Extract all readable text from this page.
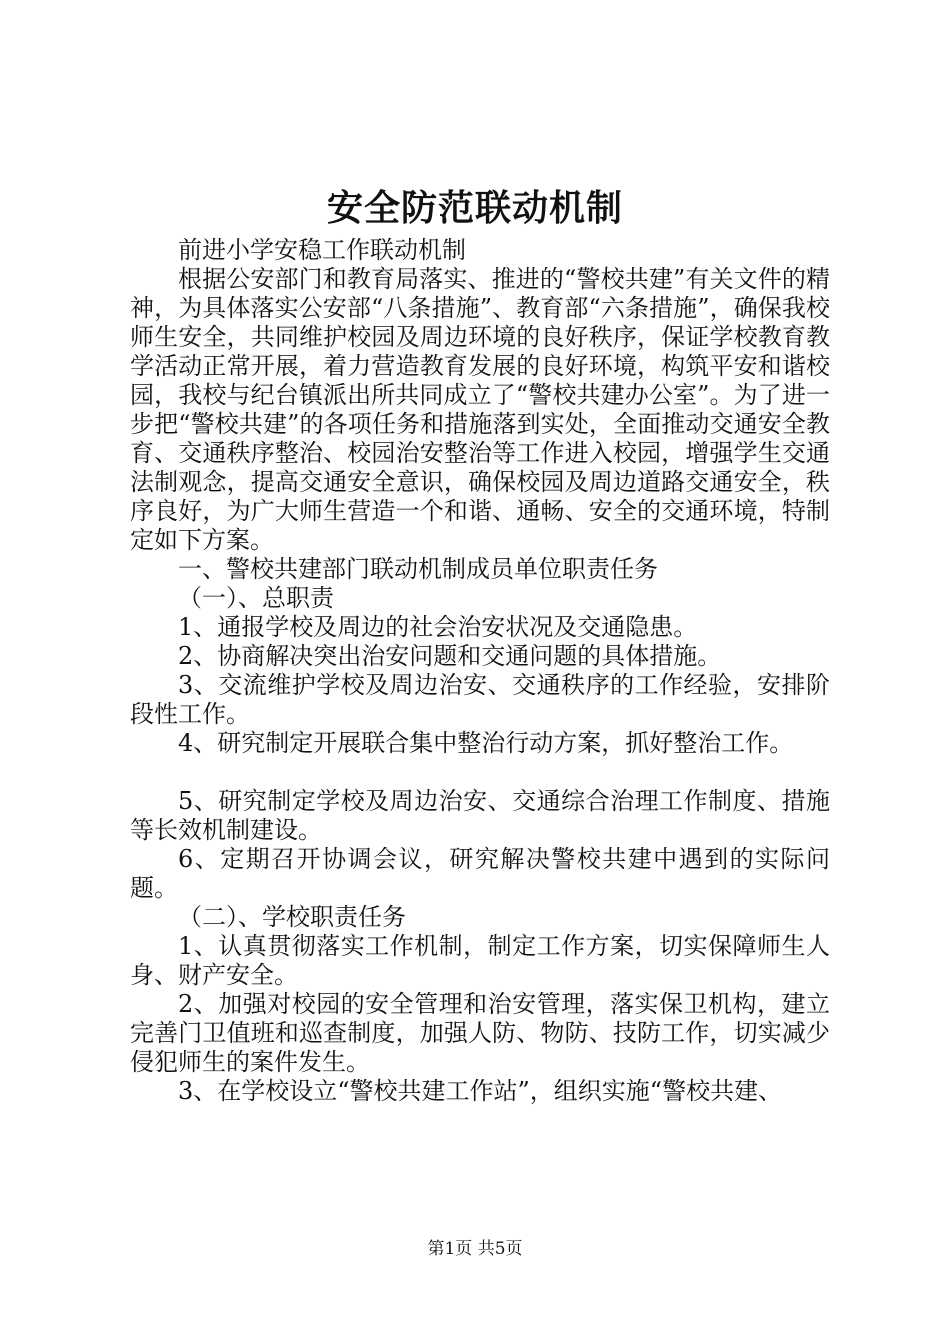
安全防范联动机制

前进小学安稳工作联动机制

根据公安部门和教育局落实、推进的“警校共建”有关文件的精神，为具体落实公安部“八条措施”、教育部“六条措施”，确保我校师生安全，共同维护校园及周边环境的良好秩序，保证学校教育教学活动正常开展，着力营造教育发展的良好环境，构筑平安和谐校园，我校与纪台镇派出所共同成立了“警校共建办公室”。为了进一步把“警校共建”的各项任务和措施落到实处，全面推动交通安全教育、交通秩序整治、校园治安整治等工作进入校园，增强学生交通法制观念，提高交通安全意识，确保校园及周边道路交通安全，秩序良好，为广大师生营造一个和谐、通畅、安全的交通环境，特制定如下方案。

一、警校共建部门联动机制成员单位职责任务

（一）、总职责

1、通报学校及周边的社会治安状况及交通隐患。

2、协商解决突出治安问题和交通问题的具体措施。

3、交流维护学校及周边治安、交通秩序的工作经验，安排阶段性工作。

4、研究制定开展联合集中整治行动方案，抓好整治工作。

5、研究制定学校及周边治安、交通综合治理工作制度、措施等长效机制建设。

6、定期召开协调会议，研究解决警校共建中遇到的实际问题。

（二）、学校职责任务

1、认真贯彻落实工作机制，制定工作方案，切实保障师生人身、财产安全。

2、加强对校园的安全管理和治安管理，落实保卫机构，建立完善门卫值班和巡查制度，加强人防、物防、技防工作，切实减少侵犯师生的案件发生。

3、在学校设立“警校共建工作站”，组织实施“警校共建、

第1页 共5页
